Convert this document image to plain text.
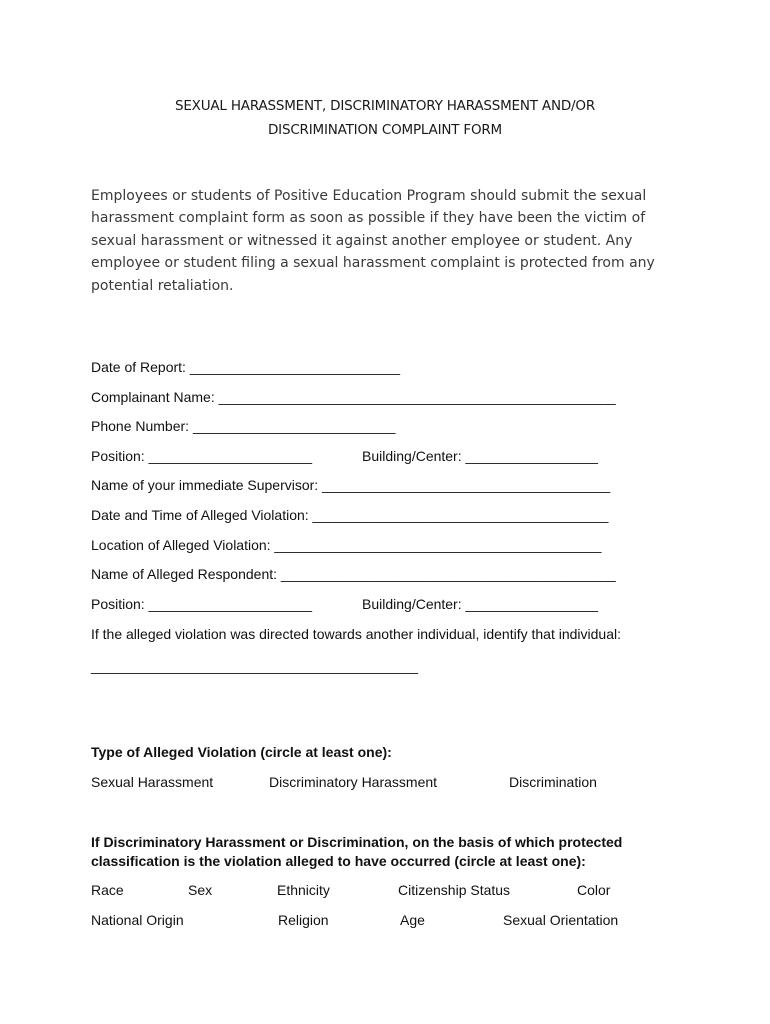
SEXUAL HARASSMENT, DISCRIMINATORY HARASSMENT AND/OR
DISCRIMINATION COMPLAINT FORM
Employees or students of Positive Education Program should submit the sexual
harassment complaint form as soon as possible if they have been the victim of
sexual harassment or witnessed it against another employee or student. Any
employee or student filing a sexual harassment complaint is protected from any
potential retaliation.
Date of Report: ___________________________
Complainant Name: ___________________________________________________
Phone Number: __________________________
Position: _____________________	Building/Center: _________________
Name of your immediate Supervisor: _____________________________________
Date and Time of Alleged Violation: ______________________________________
Location of Alleged Violation: __________________________________________
Name of Alleged Respondent: ___________________________________________
Position: _____________________	Building/Center: _________________
If the alleged violation was directed towards another individual, identify that individual:
__________________________________________
Type of Alleged Violation (circle at least one):
Sexual Harassment	Discriminatory Harassment	Discrimination
If Discriminatory Harassment or Discrimination, on the basis of which protected
classification is the violation alleged to have occurred (circle at least one):
Race	Sex	Ethnicity	Citizenship Status	Color
National Origin	Religion	Age	Sexual Orientation
